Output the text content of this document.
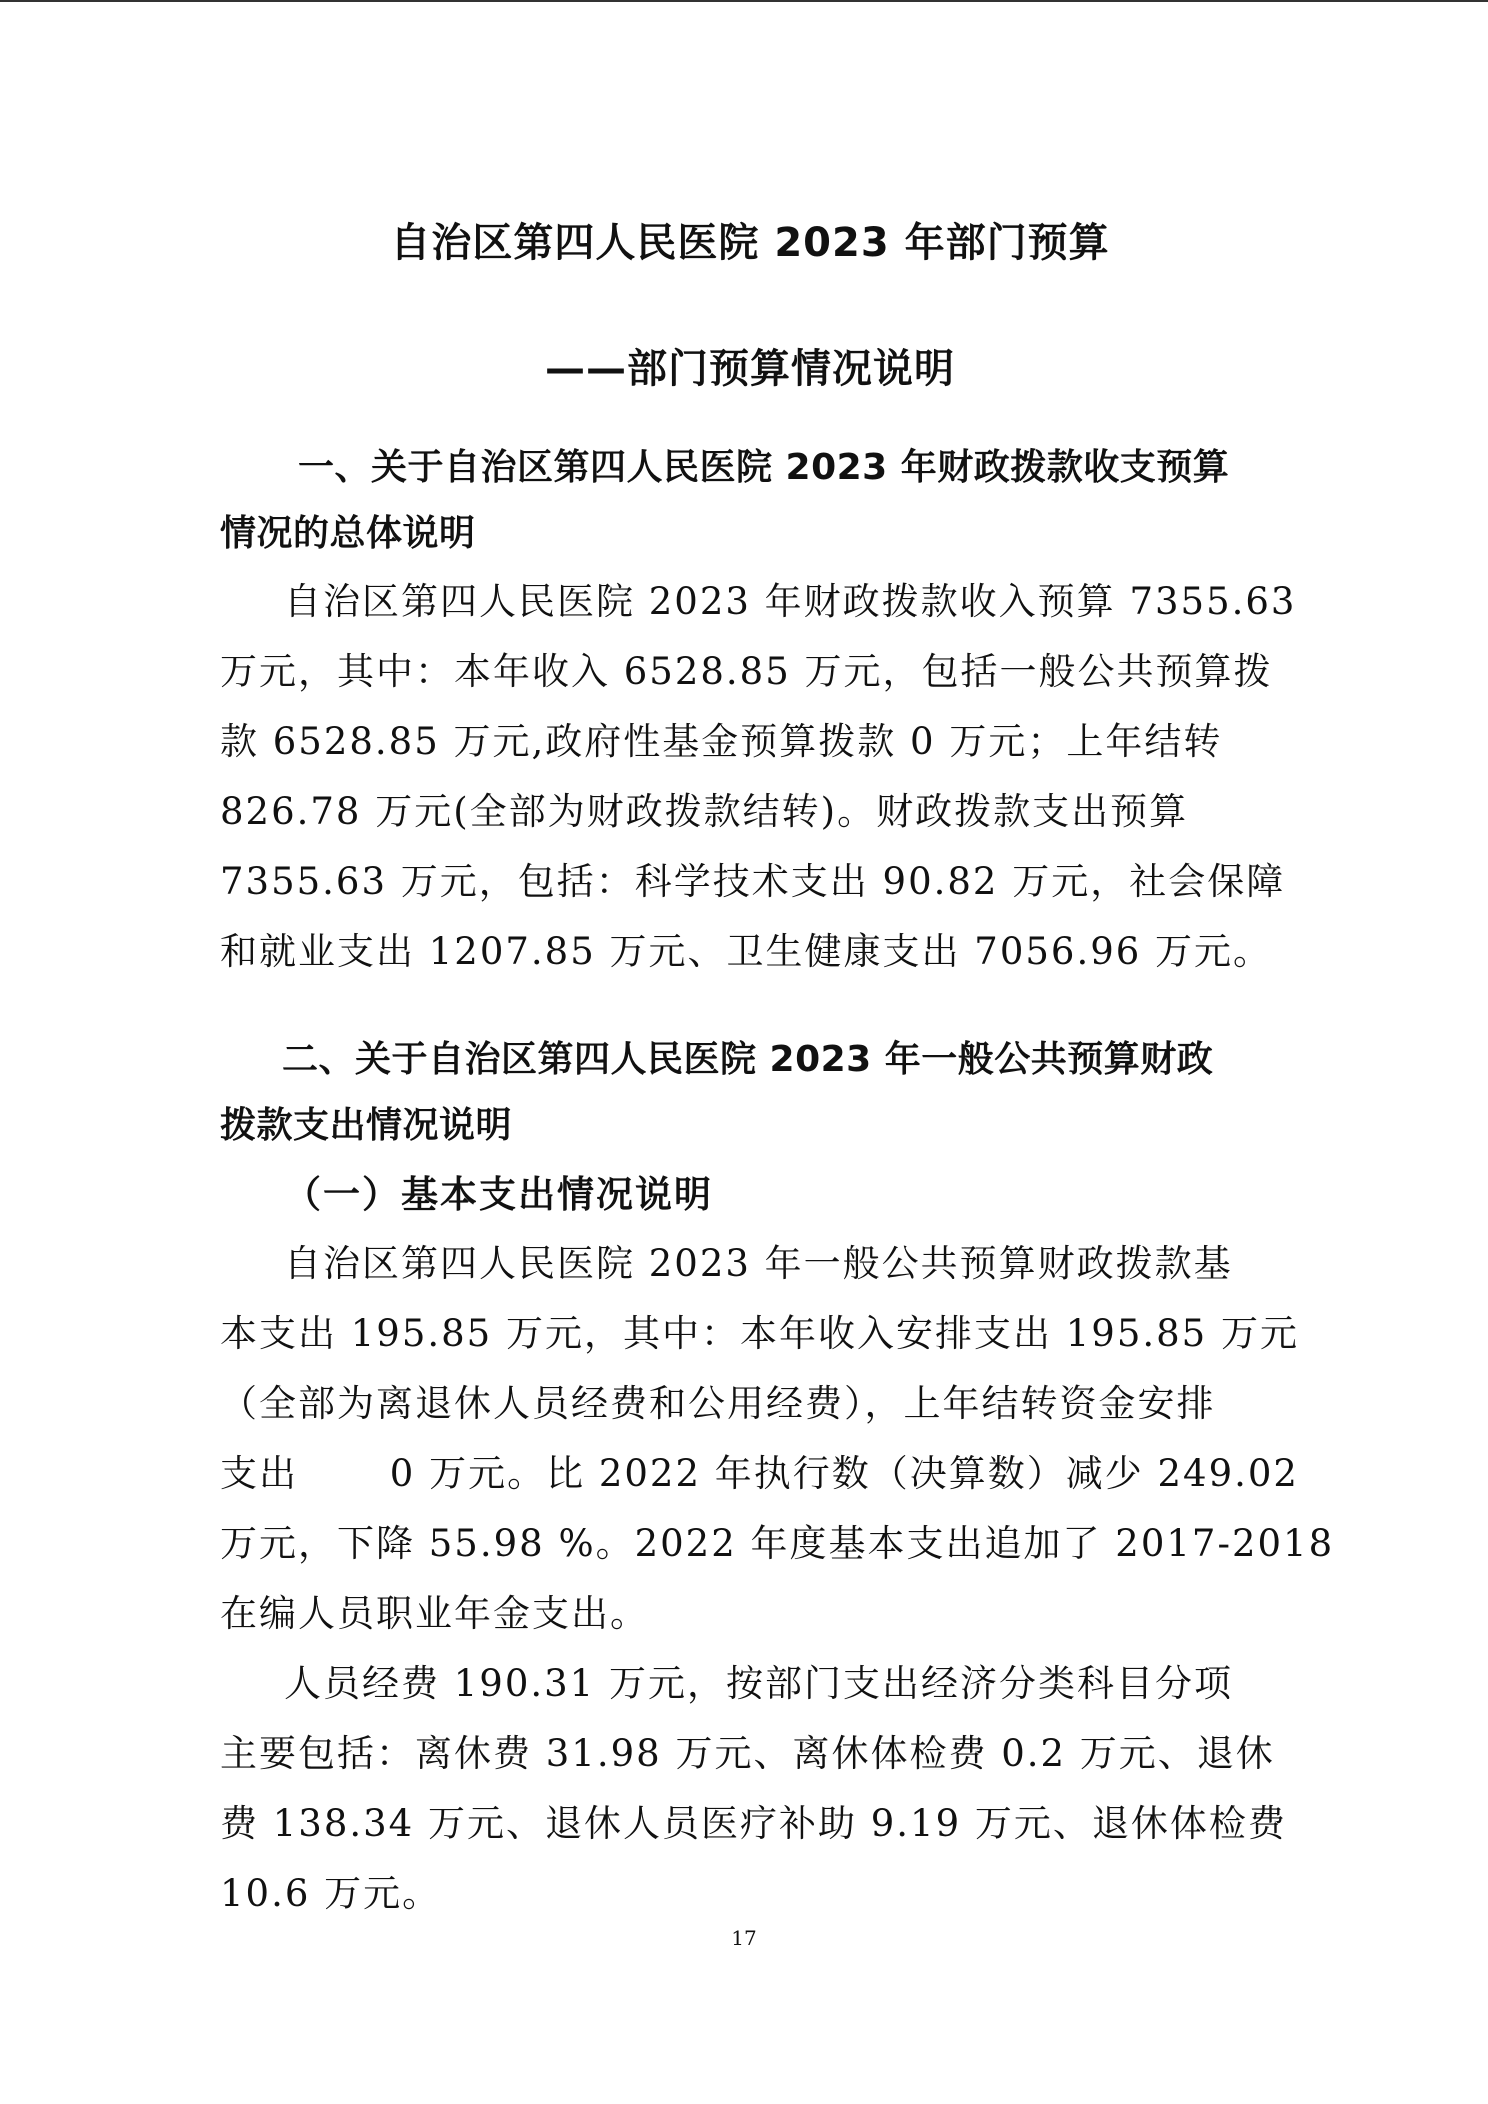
自治区第四人民医院 2023 年部门预算
——部门预算情况说明
一、关于自治区第四人民医院 2023 年财政拨款收支预算
情况的总体说明

自治区第四人民医院 2023 年财政拨款收入预算 7355.63
万元，其中：本年收入 6528.85 万元，包括一般公共预算拨
款 6528.85 万元,政府性基金预算拨款 0 万元；上年结转
826.78 万元(全部为财政拨款结转)。财政拨款支出预算
7355.63 万元，包括：科学技术支出 90.82 万元，社会保障
和就业支出 1207.85 万元、卫生健康支出 7056.96 万元。

二、关于自治区第四人民医院 2023 年一般公共预算财政
拨款支出情况说明
（一）基本支出情况说明

自治区第四人民医院 2023 年一般公共预算财政拨款基
本支出 195.85 万元，其中：本年收入安排支出 195.85 万元
（全部为离退休人员经费和公用经费），上年结转资金安排
支出　　 0 万元。比 2022 年执行数（决算数）减少 249.02
万元，下降 55.98 %。2022 年度基本支出追加了 2017-2018
在编人员职业年金支出。

人员经费 190.31 万元，按部门支出经济分类科目分项
主要包括：离休费 31.98 万元、离休体检费 0.2 万元、退休
费 138.34 万元、退休人员医疗补助 9.19 万元、退休体检费
10.6 万元。

17
